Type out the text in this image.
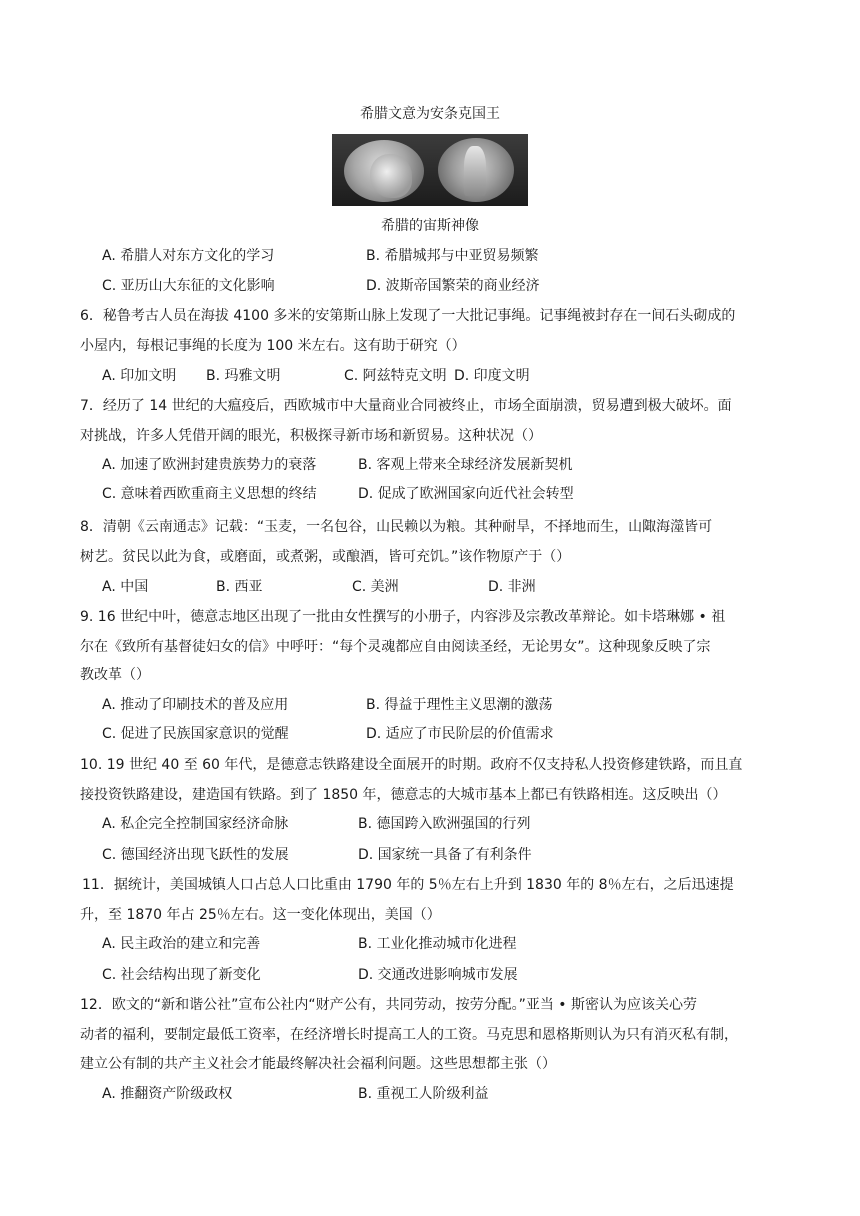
希腊文意为安条克国王
希腊的宙斯神像
A. 希腊人对东方文化的学习	B. 希腊城邦与中亚贸易频繁
C. 亚历山大东征的文化影响	D. 波斯帝国繁荣的商业经济
6．秘鲁考古人员在海拔 4100 多米的安第斯山脉上发现了一大批记事绳。记事绳被封存在一间石头砌成的
小屋内，每根记事绳的长度为 100 米左右。这有助于研究（）
A. 印加文明 B. 玛雅文明	C. 阿兹特克文明 D. 印度文明
7．经历了 14 世纪的大瘟疫后，西欧城市中大量商业合同被终止，市场全面崩溃，贸易遭到极大破坏。面
对挑战，许多人凭借开阔的眼光，积极探寻新市场和新贸易。这种状况（）
A. 加速了欧洲封建贵族势力的衰落	B. 客观上带来全球经济发展新契机
C. 意味着西欧重商主义思想的终结	D. 促成了欧洲国家向近代社会转型
8．清朝《云南通志》记载：“玉麦，一名包谷，山民赖以为粮。其种耐旱，不择地而生，山陬海澨皆可
树艺。贫民以此为食，或磨面，或煮粥，或酿酒，皆可充饥。”该作物原产于（）
A. 中国	B. 西亚	C. 美洲	D. 非洲
9. 16 世纪中叶，德意志地区出现了一批由女性撰写的小册子，内容涉及宗教改革辩论。如卡塔琳娜 • 祖
尔在《致所有基督徒妇女的信》中呼吁：“每个灵魂都应自由阅读圣经，无论男女”。这种现象反映了宗
教改革（）
A. 推动了印刷技术的普及应用	B. 得益于理性主义思潮的激荡
C. 促进了民族国家意识的觉醒	D. 适应了市民阶层的价值需求
10. 19 世纪 40 至 60 年代，是德意志铁路建设全面展开的时期。政府不仅支持私人投资修建铁路，而且直
接投资铁路建设，建造国有铁路。到了 1850 年，德意志的大城市基本上都已有铁路相连。这反映出（）
A. 私企完全控制国家经济命脉	B. 德国跨入欧洲强国的行列
C. 德国经济出现飞跃性的发展	D. 国家统一具备了有利条件
11．据统计，美国城镇人口占总人口比重由 1790 年的 5％左右上升到 1830 年的 8％左右，之后迅速提
升，至 1870 年占 25％左右。这一变化体现出，美国（）
A. 民主政治的建立和完善	B. 工业化推动城市化进程
C. 社会结构出现了新变化	D. 交通改进影响城市发展
12．欧文的“新和谐公社”宣布公社内“财产公有，共同劳动，按劳分配。”亚当 • 斯密认为应该关心劳
动者的福利，要制定最低工资率，在经济增长时提高工人的工资。马克思和恩格斯则认为只有消灭私有制，
建立公有制的共产主义社会才能最终解决社会福利问题。这些思想都主张（）
A. 推翻资产阶级政权	B. 重视工人阶级利益
